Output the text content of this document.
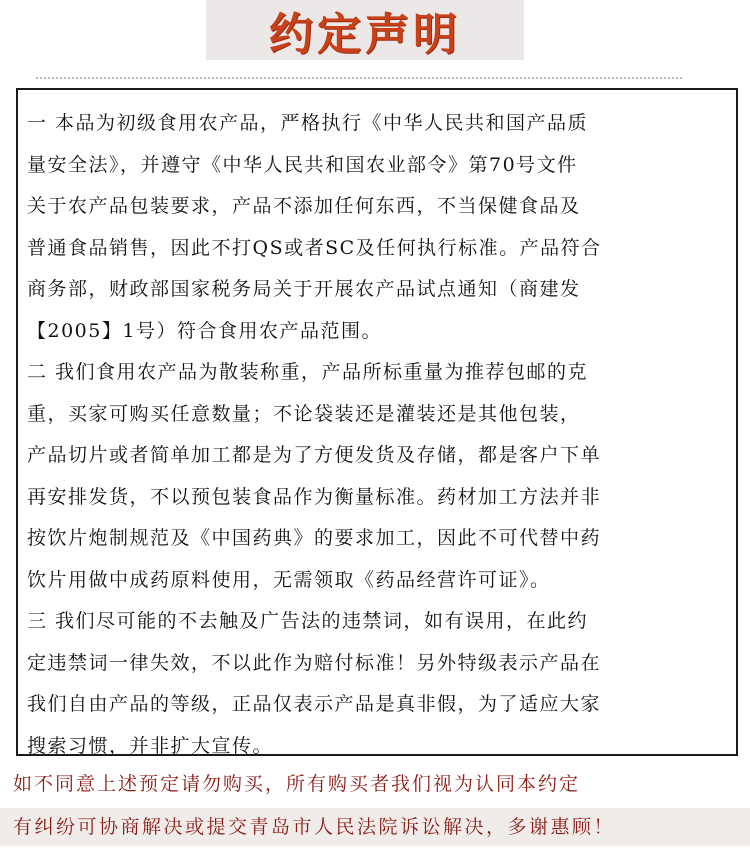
约定声明
一 本品为初级食用农产品，严格执行《中华人民共和国产品质
量安全法》，并遵守《中华人民共和国农业部令》第70号文件
关于农产品包装要求，产品不添加任何东西，不当保健食品及
普通食品销售，因此不打QS或者SC及任何执行标准。产品符合
商务部，财政部国家税务局关于开展农产品试点通知（商建发
【2005】1号）符合食用农产品范围。
二 我们食用农产品为散装称重，产品所标重量为推荐包邮的克
重，买家可购买任意数量；不论袋装还是灌装还是其他包装，
产品切片或者简单加工都是为了方便发货及存储，都是客户下单
再安排发货，不以预包装食品作为衡量标准。药材加工方法并非
按饮片炮制规范及《中国药典》的要求加工，因此不可代替中药
饮片用做中成药原料使用，无需领取《药品经营许可证》。
三 我们尽可能的不去触及广告法的违禁词，如有误用，在此约
定违禁词一律失效，不以此作为赔付标准！另外特级表示产品在
我们自由产品的等级，正品仅表示产品是真非假，为了适应大家
搜索习惯，并非扩大宣传。
如不同意上述预定请勿购买，所有购买者我们视为认同本约定
有纠纷可协商解决或提交青岛市人民法院诉讼解决，多谢惠顾！
